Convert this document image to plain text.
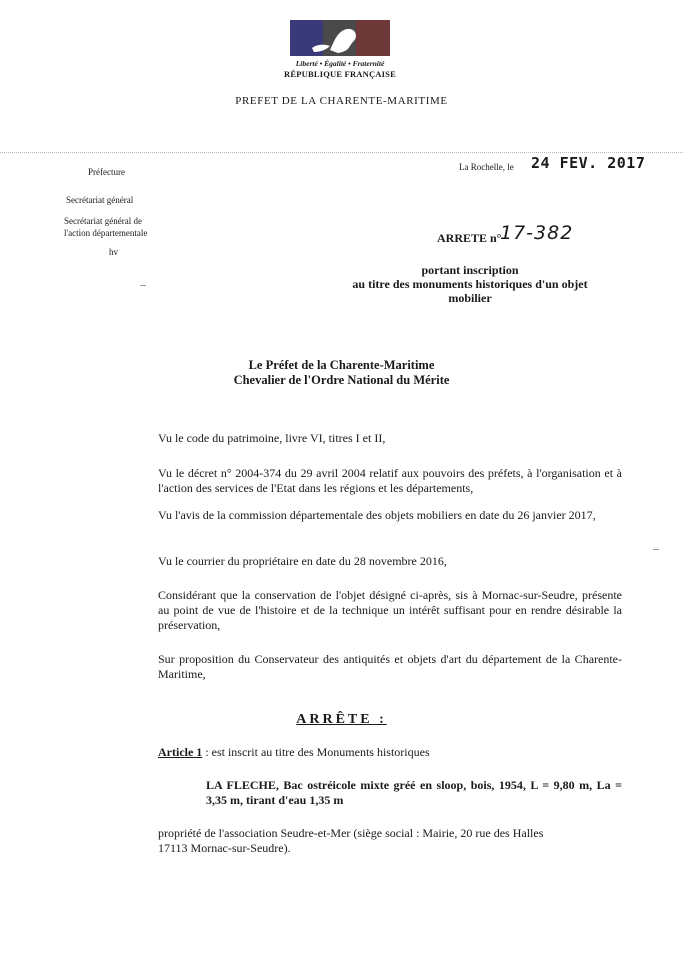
Liberté • Égalité • Fraternité
RÉPUBLIQUE FRANÇAISE
PREFET DE LA CHARENTE-MARITIME
Préfecture
Secrétariat général
Secrétariat général de
l'action départementale
hv
La Rochelle, le 24 FEV. 2017
ARRETE n°
17-382
portant inscription
au titre des monuments historiques d'un objet
mobilier
Le Préfet de la Charente-Maritime
Chevalier de l'Ordre National du Mérite
Vu le code du patrimoine, livre VI, titres I et II,
Vu le décret n° 2004-374 du 29 avril 2004 relatif aux pouvoirs des préfets, à l'organisation et à l'action des services de l'Etat dans les régions et les départements,
Vu l'avis de la commission départementale des objets mobiliers en date du 26 janvier 2017,
Vu le courrier du propriétaire en date du 28 novembre 2016,
Considérant que la conservation de l'objet désigné ci-après, sis à Mornac-sur-Seudre, présente au point de vue de l'histoire et de la technique un intérêt suffisant pour en rendre désirable la préservation,
Sur proposition du Conservateur des antiquités et objets d'art du département de la Charente-Maritime,
ARRÊTE :
Article 1 : est inscrit au titre des Monuments historiques
LA FLECHE, Bac ostréicole mixte gréé en sloop, bois, 1954, L = 9,80 m, La = 3,35 m, tirant d'eau 1,35 m
propriété de l'association Seudre-et-Mer (siège social : Mairie, 20 rue des Halles
17113 Mornac-sur-Seudre).
